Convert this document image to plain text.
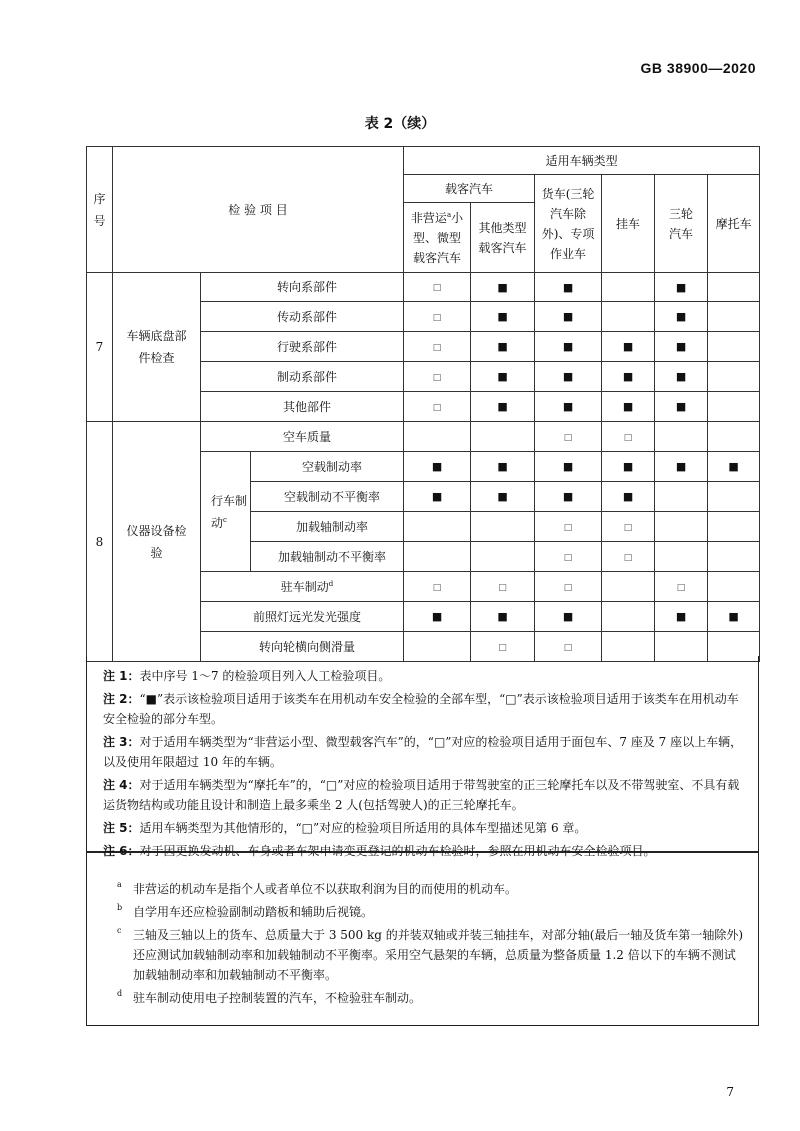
GB 38900—2020
表 2（续）
序
号	检 验 项 目			适用车辆类型					
				载客汽车		货车(三轮汽车除外)、专项作业车	挂车	三轮汽车	摩托车
				非营运$^a$小型、微型载客汽车	其他类型载客汽车				
7	车辆底盘部件检查	转向系部件		□	■	■		■	
		传动系部件		□	■	■		■	
		行驶系部件		□	■	■	■	■	
		制动系部件		□	■	■	■	■	
		其他部件		□	■	■	■	■	
8	仪器设备检验	空车质量				□	□		
		行车制动$^c$	空载制动率	■	■	■	■	■	■
			空载制动不平衡率	■	■	■	■		
			加载轴制动率			□	□		
			加载轴制动不平衡率			□	□		
		驻车制动$^d$		□	□	□		□	
		前照灯远光发光强度		■	■	■		■	■
		转向轮横向侧滑量			□	□			

注 1：表中序号 1～7 的检验项目列入人工检验项目。

注 2：“■”表示该检验项目适用于该类车在用机动车安全检验的全部车型，“□”表示该检验项目适用于该类车在用机动车安全检验的部分车型。

注 3：对于适用车辆类型为“非营运小型、微型载客汽车”的，“□”对应的检验项目适用于面包车、7 座及 7 座以上车辆，以及使用年限超过 10 年的车辆。

注 4：对于适用车辆类型为“摩托车”的，“□”对应的检验项目适用于带驾驶室的正三轮摩托车以及不带驾驶室、不具有载运货物结构或功能且设计和制造上最多乘坐 2 人(包括驾驶人)的正三轮摩托车。

注 5：适用车辆类型为其他情形的，“□”对应的检验项目所适用的具体车型描述见第 6 章。

注 6：对于因更换发动机、车身或者车架申请变更登记的机动车检验时，参照在用机动车安全检验项目。

a 非营运的机动车是指个人或者单位不以获取利润为目的而使用的机动车。

b 自学用车还应检验副制动踏板和辅助后视镜。

c 三轴及三轴以上的货车、总质量大于 3 500 kg 的并装双轴或并装三轴挂车，对部分轴(最后一轴及货车第一轴除外)还应测试加载轴制动率和加载轴制动不平衡率。采用空气悬架的车辆，总质量为整备质量 1.2 倍以下的车辆不测试加载轴制动率和加载轴制动不平衡率。

d 驻车制动使用电子控制装置的汽车，不检验驻车制动。

7
